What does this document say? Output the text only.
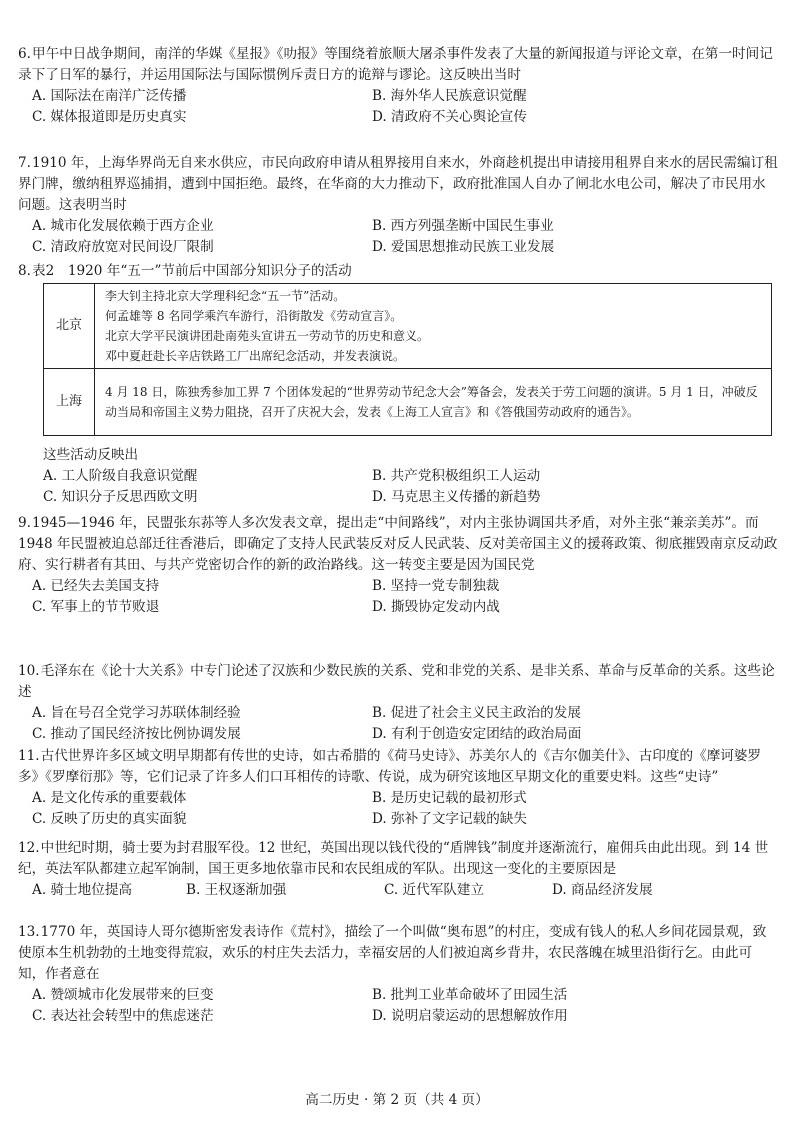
6.甲午中日战争期间，南洋的华媒《星报》《叻报》等围绕着旅顺大屠杀事件发表了大量的新闻报道与评论文章，在第一时间记录下了日军的暴行，并运用国际法与国际惯例斥责日方的诡辩与谬论。这反映出当时

A. 国际法在南洋广泛传播	B. 海外华人民族意识觉醒
C. 媒体报道即是历史真实	D. 清政府不关心舆论宣传

7.1910 年，上海华界尚无自来水供应，市民向政府申请从租界接用自来水，外商趁机提出申请接用租界自来水的居民需编订租界门牌，缴纳租界巡捕捐，遭到中国拒绝。最终，在华商的大力推动下，政府批准国人自办了闸北水电公司，解决了市民用水问题。这表明当时

A. 城市化发展依赖于西方企业	B. 西方列强垄断中国民生事业
C. 清政府放宽对民间设厂限制	D. 爱国思想推动民族工业发展

8.表2　1920 年“五一”节前后中国部分知识分子的活动

北京	李大钊主持北京大学理科纪念“五一节”活动。
何孟雄等 8 名同学乘汽车游行，沿街散发《劳动宣言》。
北京大学平民演讲团赴南苑头宣讲五一劳动节的历史和意义。
邓中夏赶赴长辛店铁路工厂出席纪念活动，并发表演说。

上海	4 月 18 日，陈独秀参加工界 7 个团体发起的“世界劳动节纪念大会”筹备会，发表关于劳工问题的演讲。5 月 1 日，冲破反动当局和帝国主义势力阻挠，召开了庆祝大会，发表《上海工人宣言》和《答俄国劳动政府的通告》。

这些活动反映出

A. 工人阶级自我意识觉醒	B. 共产党积极组织工人运动
C. 知识分子反思西欧文明	D. 马克思主义传播的新趋势

9.1945—1946 年，民盟张东荪等人多次发表文章，提出走“中间路线”，对内主张协调国共矛盾，对外主张“兼亲美苏”。而 1948 年民盟被迫总部迁往香港后，即确定了支持人民武装反对反人民武装、反对美帝国主义的援蒋政策、彻底摧毁南京反动政府、实行耕者有其田、与共产党密切合作的新的政治路线。这一转变主要是因为国民党

A. 已经失去美国支持	B. 坚持一党专制独裁
C. 军事上的节节败退	D. 撕毁协定发动内战

10.毛泽东在《论十大关系》中专门论述了汉族和少数民族的关系、党和非党的关系、是非关系、革命与反革命的关系。这些论述

A. 旨在号召全党学习苏联体制经验	B. 促进了社会主义民主政治的发展
C. 推动了国民经济按比例协调发展	D. 有利于创造安定团结的政治局面

11.古代世界许多区域文明早期都有传世的史诗，如古希腊的《荷马史诗》、苏美尔人的《吉尔伽美什》、古印度的《摩诃婆罗多》《罗摩衍那》等，它们记录了许多人们口耳相传的诗歌、传说，成为研究该地区早期文化的重要史料。这些“史诗”

A. 是文化传承的重要载体	B. 是历史记载的最初形式
C. 反映了历史的真实面貌	D. 弥补了文字记载的缺失

12.中世纪时期，骑士要为封君服军役。12 世纪，英国出现以钱代役的“盾牌钱”制度并逐渐流行，雇佣兵由此出现。到 14 世纪，英法军队都建立起军饷制，国王更多地依靠市民和农民组成的军队。出现这一变化的主要原因是

A. 骑士地位提高	B. 王权逐渐加强	C. 近代军队建立	D. 商品经济发展

13.1770 年，英国诗人哥尔德斯密发表诗作《荒村》，描绘了一个叫做“奥布恩”的村庄，变成有钱人的私人乡间花园景观，致使原本生机勃勃的土地变得荒寂，欢乐的村庄失去活力，幸福安居的人们被迫离乡背井，农民落魄在城里沿街行乞。由此可知，作者意在

A. 赞颂城市化发展带来的巨变	B. 批判工业革命破坏了田园生活
C. 表达社会转型中的焦虑迷茫	D. 说明启蒙运动的思想解放作用
高二历史 · 第 2 页（共 4 页）
